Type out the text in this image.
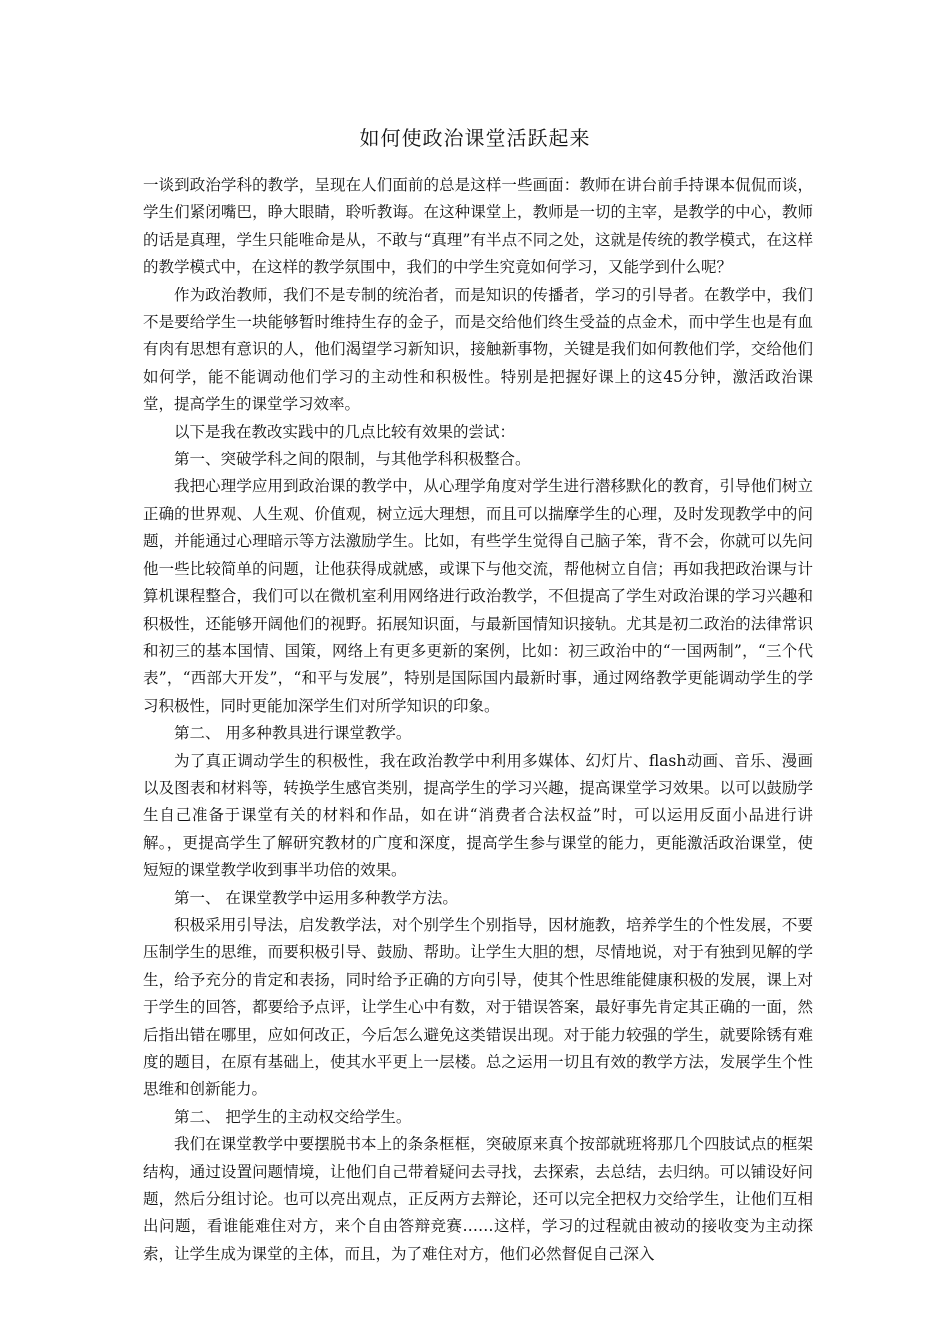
如何使政治课堂活跃起来

一谈到政治学科的教学，呈现在人们面前的总是这样一些画面：教师在讲台前手持课本侃侃而谈，学生们紧闭嘴巴，睁大眼睛，聆听教诲。在这种课堂上，教师是一切的主宰，是教学的中心，教师的话是真理，学生只能唯命是从，不敢与“真理”有半点不同之处，这就是传统的教学模式，在这样的教学模式中，在这样的教学氛围中，我们的中学生究竟如何学习，又能学到什么呢？

作为政治教师，我们不是专制的统治者，而是知识的传播者，学习的引导者。在教学中，我们不是要给学生一块能够暂时维持生存的金子，而是交给他们终生受益的点金术，而中学生也是有血有肉有思想有意识的人，他们渴望学习新知识，接触新事物，关键是我们如何教他们学，交给他们如何学，能不能调动他们学习的主动性和积极性。特别是把握好课上的这45分钟，激活政治课堂，提高学生的课堂学习效率。

以下是我在教改实践中的几点比较有效果的尝试：

第一、突破学科之间的限制，与其他学科积极整合。

我把心理学应用到政治课的教学中，从心理学角度对学生进行潜移默化的教育，引导他们树立正确的世界观、人生观、价值观，树立远大理想，而且可以揣摩学生的心理，及时发现教学中的问题，并能通过心理暗示等方法激励学生。比如，有些学生觉得自己脑子笨，背不会，你就可以先问他一些比较简单的问题，让他获得成就感，或课下与他交流，帮他树立自信；再如我把政治课与计算机课程整合，我们可以在微机室利用网络进行政治教学，不但提高了学生对政治课的学习兴趣和积极性，还能够开阔他们的视野。拓展知识面，与最新国情知识接轨。尤其是初二政治的法律常识和初三的基本国情、国策，网络上有更多更新的案例，比如：初三政治中的“一国两制”，“三个代表”，“西部大开发”，“和平与发展”，特别是国际国内最新时事，通过网络教学更能调动学生的学习积极性，同时更能加深学生们对所学知识的印象。

第二、 用多种教具进行课堂教学。

为了真正调动学生的积极性，我在政治教学中利用多媒体、幻灯片、flash动画、音乐、漫画以及图表和材料等，转换学生感官类别，提高学生的学习兴趣，提高课堂学习效果。以可以鼓励学生自己准备于课堂有关的材料和作品，如在讲“消费者合法权益”时，可以运用反面小品进行讲解。，更提高学生了解研究教材的广度和深度，提高学生参与课堂的能力，更能激活政治课堂，使短短的课堂教学收到事半功倍的效果。

第一、 在课堂教学中运用多种教学方法。

积极采用引导法，启发教学法，对个别学生个别指导，因材施教，培养学生的个性发展，不要压制学生的思维，而要积极引导、鼓励、帮助。让学生大胆的想，尽情地说，对于有独到见解的学生，给予充分的肯定和表扬，同时给予正确的方向引导，使其个性思维能健康积极的发展，课上对于学生的回答，都要给予点评，让学生心中有数，对于错误答案，最好事先肯定其正确的一面，然后指出错在哪里，应如何改正，今后怎么避免这类错误出现。对于能力较强的学生，就要除锈有难度的题目，在原有基础上，使其水平更上一层楼。总之运用一切且有效的教学方法，发展学生个性思维和创新能力。

第二、 把学生的主动权交给学生。

我们在课堂教学中要摆脱书本上的条条框框，突破原来真个按部就班将那几个四肢试点的框架结构，通过设置问题情境，让他们自己带着疑问去寻找，去探索，去总结，去归纳。可以铺设好问题，然后分组讨论。也可以亮出观点，正反两方去辩论，还可以完全把权力交给学生，让他们互相出问题，看谁能难住对方，来个自由答辩竞赛……这样，学习的过程就由被动的接收变为主动探索，让学生成为课堂的主体，而且，为了难住对方，他们必然督促自己深入
